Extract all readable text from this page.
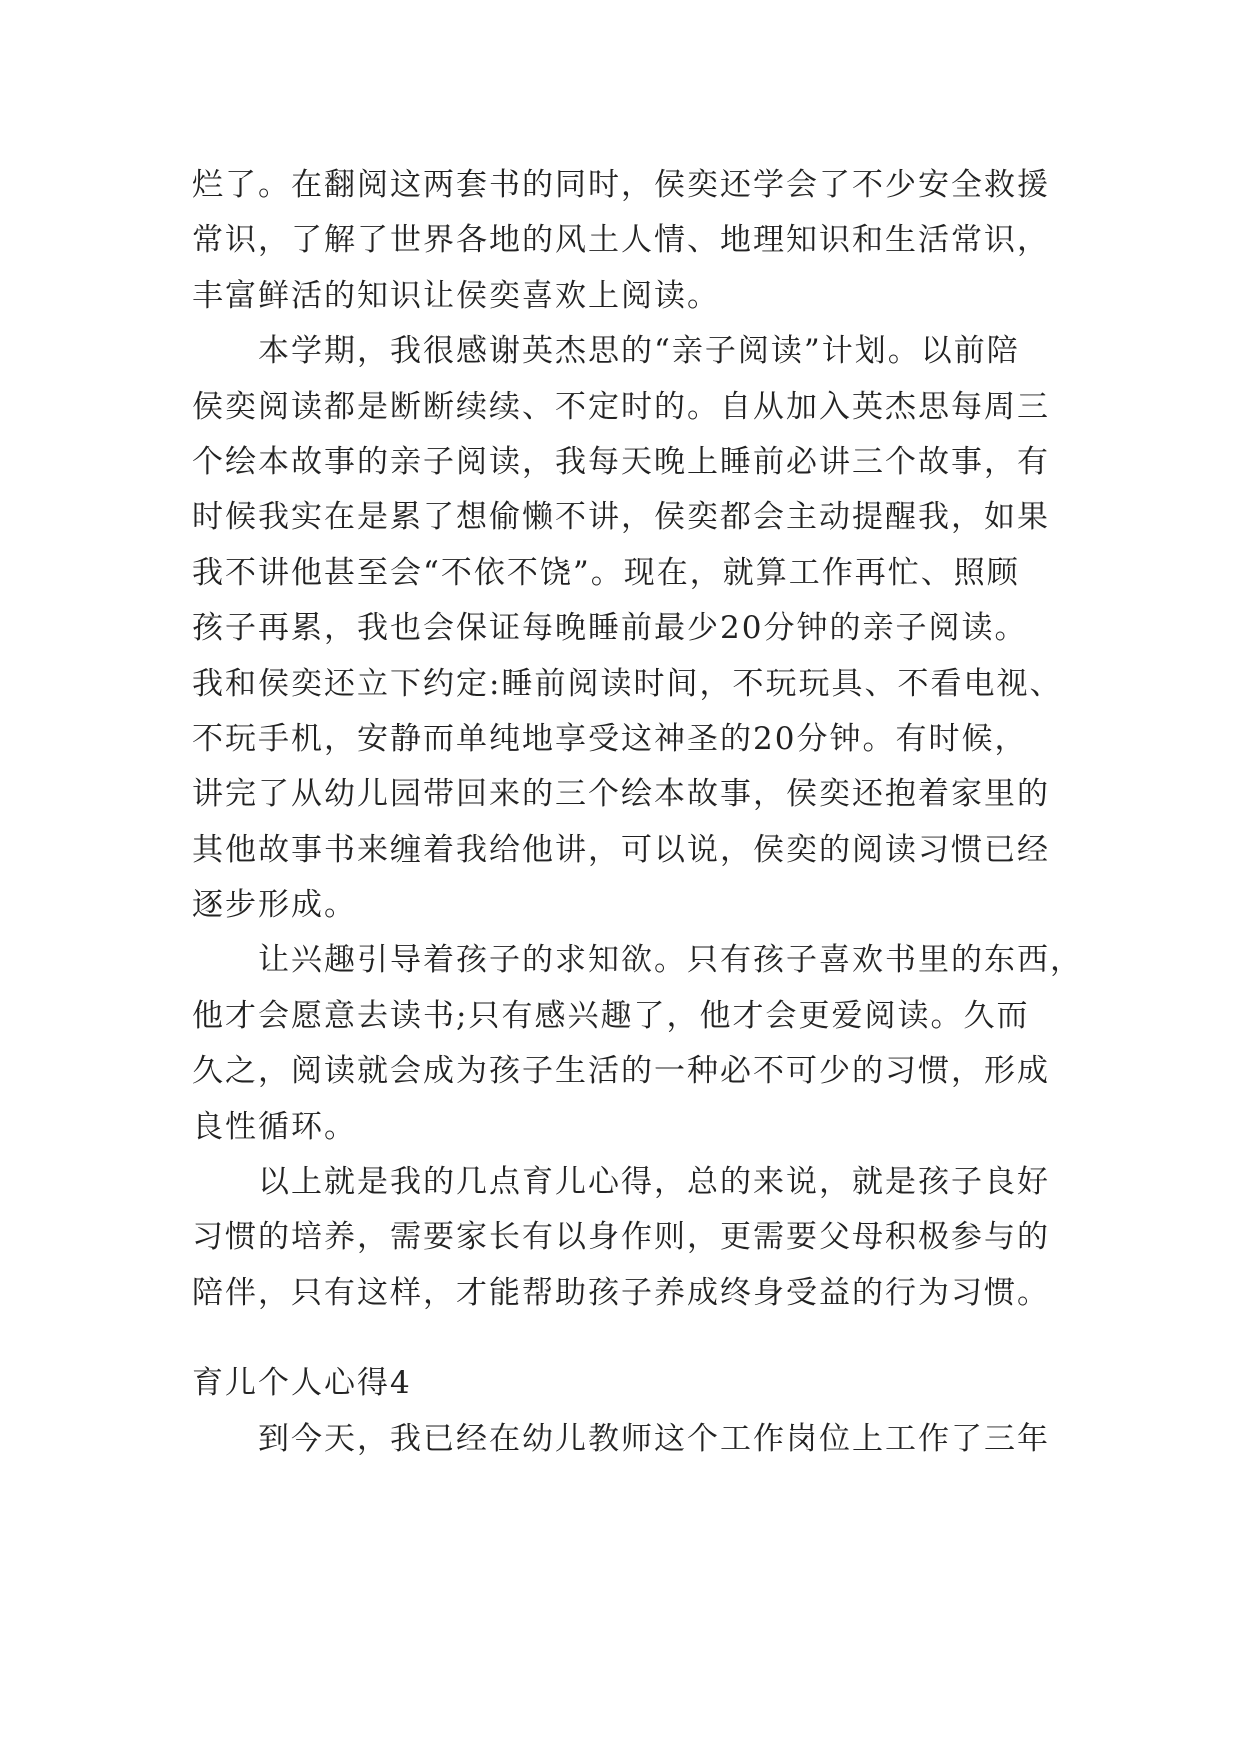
烂了。在翻阅这两套书的同时，侯奕还学会了不少安全救援
常识，了解了世界各地的风土人情、地理知识和生活常识，
丰富鲜活的知识让侯奕喜欢上阅读。
本学期，我很感谢英杰思的“亲子阅读”计划。以前陪
侯奕阅读都是断断续续、不定时的。自从加入英杰思每周三
个绘本故事的亲子阅读，我每天晚上睡前必讲三个故事，有
时候我实在是累了想偷懒不讲，侯奕都会主动提醒我，如果
我不讲他甚至会“不依不饶”。现在，就算工作再忙、照顾
孩子再累，我也会保证每晚睡前最少20分钟的亲子阅读。
我和侯奕还立下约定:睡前阅读时间，不玩玩具、不看电视、
不玩手机，安静而单纯地享受这神圣的20分钟。有时候，
讲完了从幼儿园带回来的三个绘本故事，侯奕还抱着家里的
其他故事书来缠着我给他讲，可以说，侯奕的阅读习惯已经
逐步形成。
让兴趣引导着孩子的求知欲。只有孩子喜欢书里的东西，
他才会愿意去读书;只有感兴趣了，他才会更爱阅读。久而
久之，阅读就会成为孩子生活的一种必不可少的习惯，形成
良性循环。
以上就是我的几点育儿心得，总的来说，就是孩子良好
习惯的培养，需要家长有以身作则，更需要父母积极参与的
陪伴，只有这样，才能帮助孩子养成终身受益的行为习惯。
育儿个人心得4
到今天，我已经在幼儿教师这个工作岗位上工作了三年
